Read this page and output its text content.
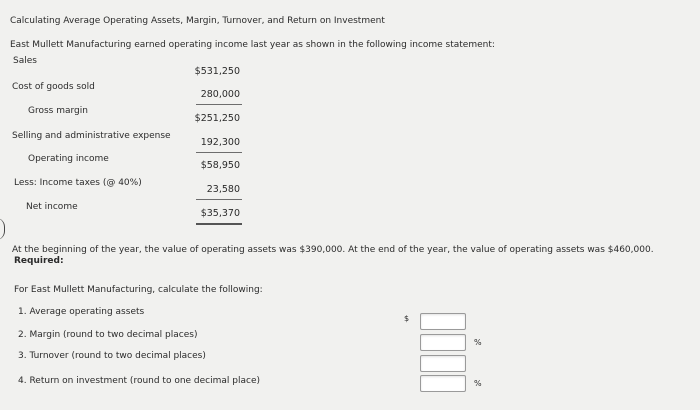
Calculating Average Operating Assets, Margin, Turnover, and Return on Investment
East Mullett Manufacturing earned operating income last year as shown in the following income statement:
Sales
$531,250
Cost of goods sold
280,000
Gross margin
$251,250
Selling and administrative expense
192,300
Operating income
$58,950
Less: Income taxes (@ 40%)
23,580
Net income
$35,370
At the beginning of the year, the value of operating assets was $390,000. At the end of the year, the value of operating assets was $460,000.
Required:
For East Mullett Manufacturing, calculate the following:
1. Average operating assets
$
2. Margin (round to two decimal places)
%
3. Turnover (round to two decimal places)
4. Return on investment (round to one decimal place)	%
